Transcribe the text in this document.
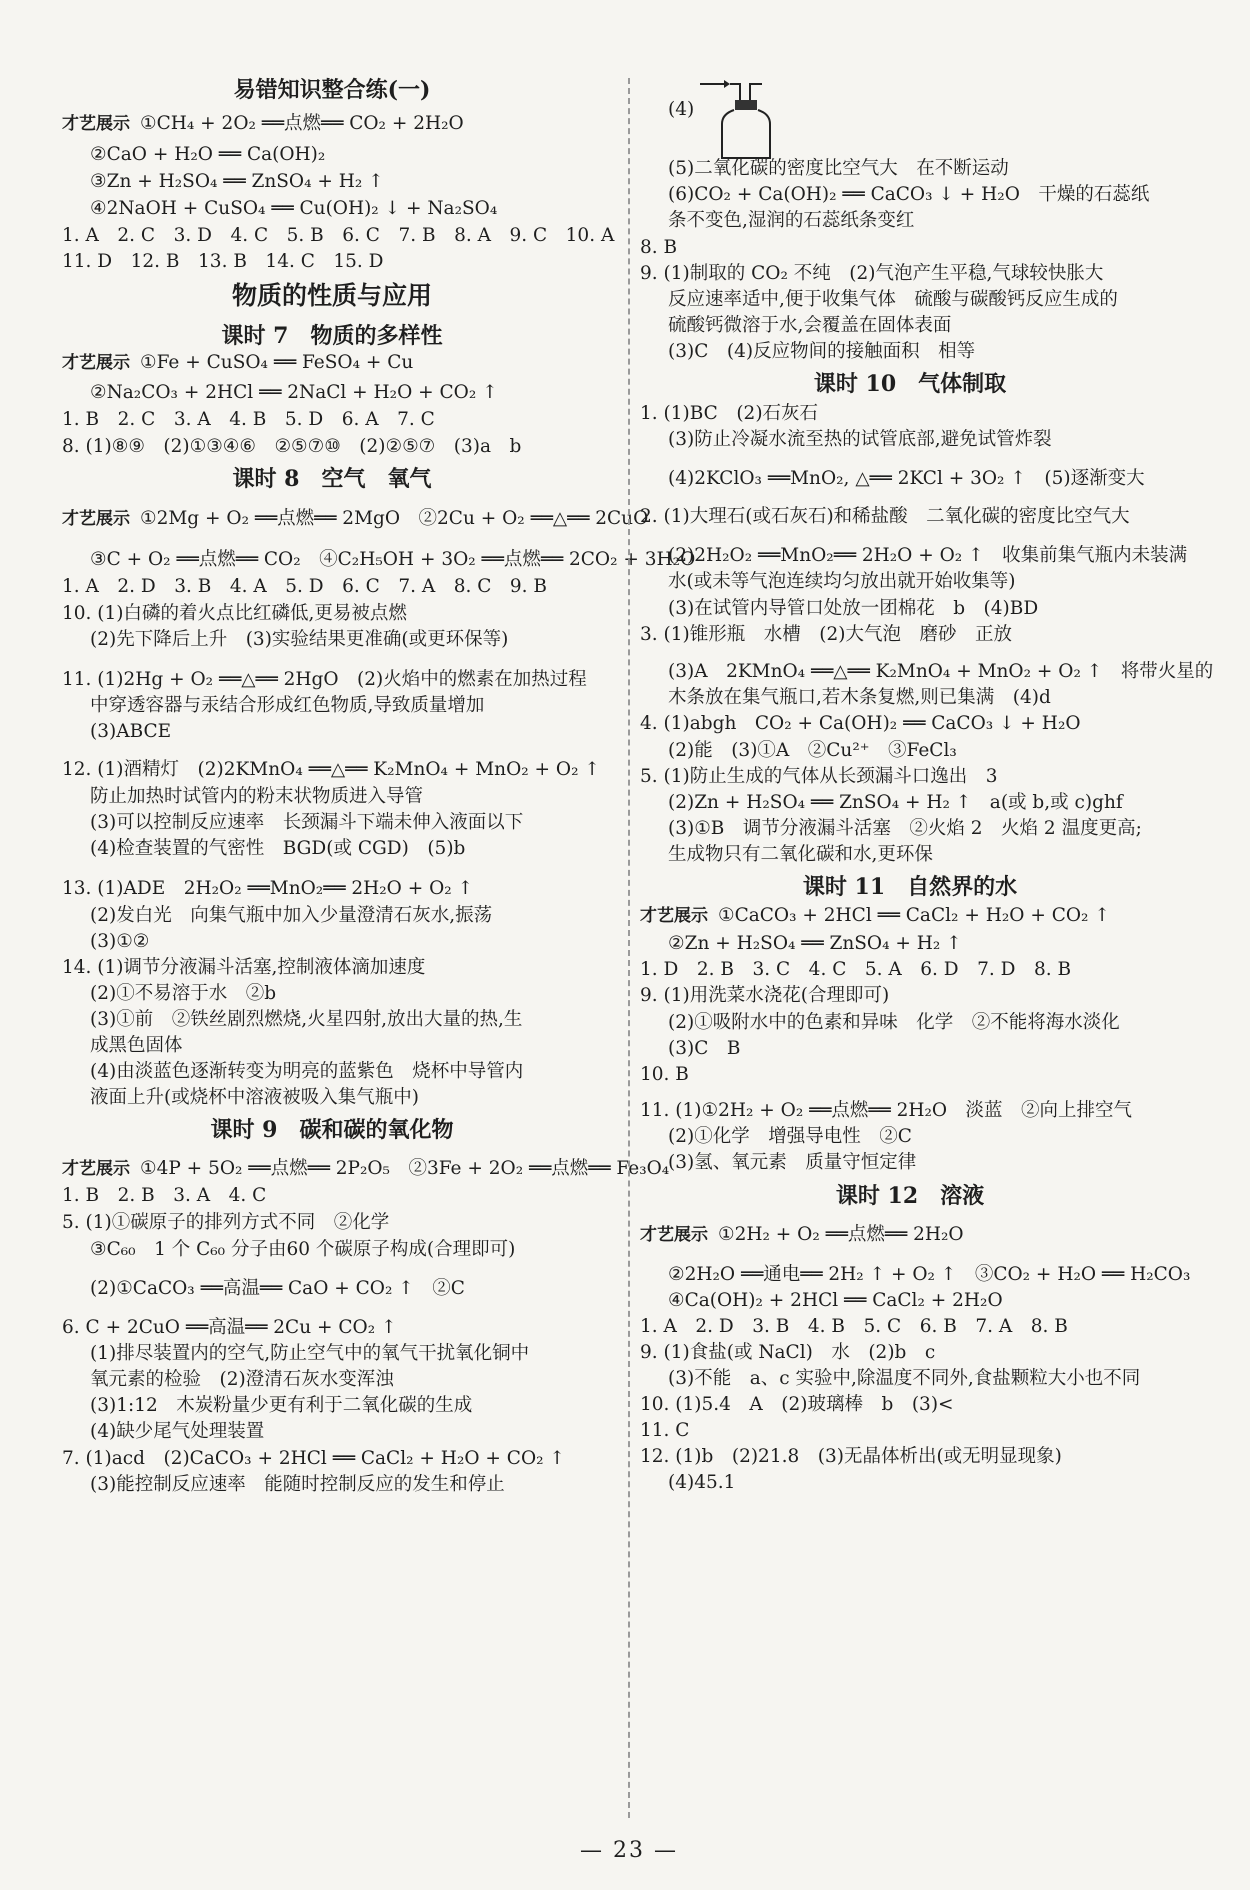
易错知识整合练(一)
才艺展示 ①CH₄ + 2O₂ ══点燃══ CO₂ + 2H₂O
②CaO + H₂O ══ Ca(OH)₂
③Zn + H₂SO₄ ══ ZnSO₄ + H₂ ↑
④2NaOH + CuSO₄ ══ Cu(OH)₂ ↓ + Na₂SO₄
1. A　2. C　3. D　4. C　5. B　6. C　7. B　8. A　9. C　10. A
11. D　12. B　13. B　14. C　15. D
物质的性质与应用
课时 7　物质的多样性
才艺展示 ①Fe + CuSO₄ ══ FeSO₄ + Cu
②Na₂CO₃ + 2HCl ══ 2NaCl + H₂O + CO₂ ↑
1. B　2. C　3. A　4. B　5. D　6. A　7. C
8. (1)⑧⑨　(2)①③④⑥　②⑤⑦⑩　(2)②⑤⑦　(3)a　b
课时 8　空气　氧气
才艺展示 ①2Mg + O₂ ══点燃══ 2MgO　②2Cu + O₂ ══△══ 2CuO
③C + O₂ ══点燃══ CO₂　④C₂H₅OH + 3O₂ ══点燃══ 2CO₂ + 3H₂O
1. A　2. D　3. B　4. A　5. D　6. C　7. A　8. C　9. B
10. (1)白磷的着火点比红磷低,更易被点燃
(2)先下降后上升　(3)实验结果更准确(或更环保等)
11. (1)2Hg + O₂ ══△══ 2HgO　(2)火焰中的燃素在加热过程
中穿透容器与汞结合形成红色物质,导致质量增加
(3)ABCE
12. (1)酒精灯　(2)2KMnO₄ ══△══ K₂MnO₄ + MnO₂ + O₂ ↑
防止加热时试管内的粉末状物质进入导管
(3)可以控制反应速率　长颈漏斗下端未伸入液面以下
(4)检查装置的气密性　BGD(或 CGD)　(5)b
13. (1)ADE　2H₂O₂ ══MnO₂══ 2H₂O + O₂ ↑
(2)发白光　向集气瓶中加入少量澄清石灰水,振荡
(3)①②
14. (1)调节分液漏斗活塞,控制液体滴加速度
(2)①不易溶于水　②b
(3)①前　②铁丝剧烈燃烧,火星四射,放出大量的热,生
成黑色固体
(4)由淡蓝色逐渐转变为明亮的蓝紫色　烧杯中导管内
液面上升(或烧杯中溶液被吸入集气瓶中)
课时 9　碳和碳的氧化物
才艺展示 ①4P + 5O₂ ══点燃══ 2P₂O₅　②3Fe + 2O₂ ══点燃══ Fe₃O₄
1. B　2. B　3. A　4. C
5. (1)①碳原子的排列方式不同　②化学
③C₆₀　1 个 C₆₀ 分子由60 个碳原子构成(合理即可)
(2)①CaCO₃ ══高温══ CaO + CO₂ ↑　②C
6. C + 2CuO ══高温══ 2Cu + CO₂ ↑
(1)排尽装置内的空气,防止空气中的氧气干扰氧化铜中
氧元素的检验　(2)澄清石灰水变浑浊
(3)1:12　木炭粉量少更有利于二氧化碳的生成
(4)缺少尾气处理装置
7. (1)acd　(2)CaCO₃ + 2HCl ══ CaCl₂ + H₂O + CO₂ ↑
(3)能控制反应速率　能随时控制反应的发生和停止
(4)
(5)二氧化碳的密度比空气大　在不断运动
(6)CO₂ + Ca(OH)₂ ══ CaCO₃ ↓ + H₂O　干燥的石蕊纸
条不变色,湿润的石蕊纸条变红
8. B
9. (1)制取的 CO₂ 不纯　(2)气泡产生平稳,气球较快胀大
反应速率适中,便于收集气体　硫酸与碳酸钙反应生成的
硫酸钙微溶于水,会覆盖在固体表面
(3)C　(4)反应物间的接触面积　相等
课时 10　气体制取
1. (1)BC　(2)石灰石
(3)防止冷凝水流至热的试管底部,避免试管炸裂
(4)2KClO₃ ══MnO₂, △══ 2KCl + 3O₂ ↑　(5)逐渐变大
2. (1)大理石(或石灰石)和稀盐酸　二氧化碳的密度比空气大
(2)2H₂O₂ ══MnO₂══ 2H₂O + O₂ ↑　收集前集气瓶内未装满
水(或未等气泡连续均匀放出就开始收集等)
(3)在试管内导管口处放一团棉花　b　(4)BD
3. (1)锥形瓶　水槽　(2)大气泡　磨砂　正放
(3)A　2KMnO₄ ══△══ K₂MnO₄ + MnO₂ + O₂ ↑　将带火星的
木条放在集气瓶口,若木条复燃,则已集满　(4)d
4. (1)abgh　CO₂ + Ca(OH)₂ ══ CaCO₃ ↓ + H₂O
(2)能　(3)①A　②Cu²⁺　③FeCl₃
5. (1)防止生成的气体从长颈漏斗口逸出　3
(2)Zn + H₂SO₄ ══ ZnSO₄ + H₂ ↑　a(或 b,或 c)ghf
(3)①B　调节分液漏斗活塞　②火焰 2　火焰 2 温度更高;
生成物只有二氧化碳和水,更环保
课时 11　自然界的水
才艺展示 ①CaCO₃ + 2HCl ══ CaCl₂ + H₂O + CO₂ ↑
②Zn + H₂SO₄ ══ ZnSO₄ + H₂ ↑
1. D　2. B　3. C　4. C　5. A　6. D　7. D　8. B
9. (1)用洗菜水浇花(合理即可)
(2)①吸附水中的色素和异味　化学　②不能将海水淡化
(3)C　B
10. B
11. (1)①2H₂ + O₂ ══点燃══ 2H₂O　淡蓝　②向上排空气
(2)①化学　增强导电性　②C
(3)氢、氧元素　质量守恒定律
课时 12　溶液
才艺展示 ①2H₂ + O₂ ══点燃══ 2H₂O
②2H₂O ══通电══ 2H₂ ↑ + O₂ ↑　③CO₂ + H₂O ══ H₂CO₃
④Ca(OH)₂ + 2HCl ══ CaCl₂ + 2H₂O
1. A　2. D　3. B　4. B　5. C　6. B　7. A　8. B
9. (1)食盐(或 NaCl)　水　(2)b　c
(3)不能　a、c 实验中,除温度不同外,食盐颗粒大小也不同
10. (1)5.4　A　(2)玻璃棒　b　(3)<
11. C
12. (1)b　(2)21.8　(3)无晶体析出(或无明显现象)
(4)45.1
— 23 —
